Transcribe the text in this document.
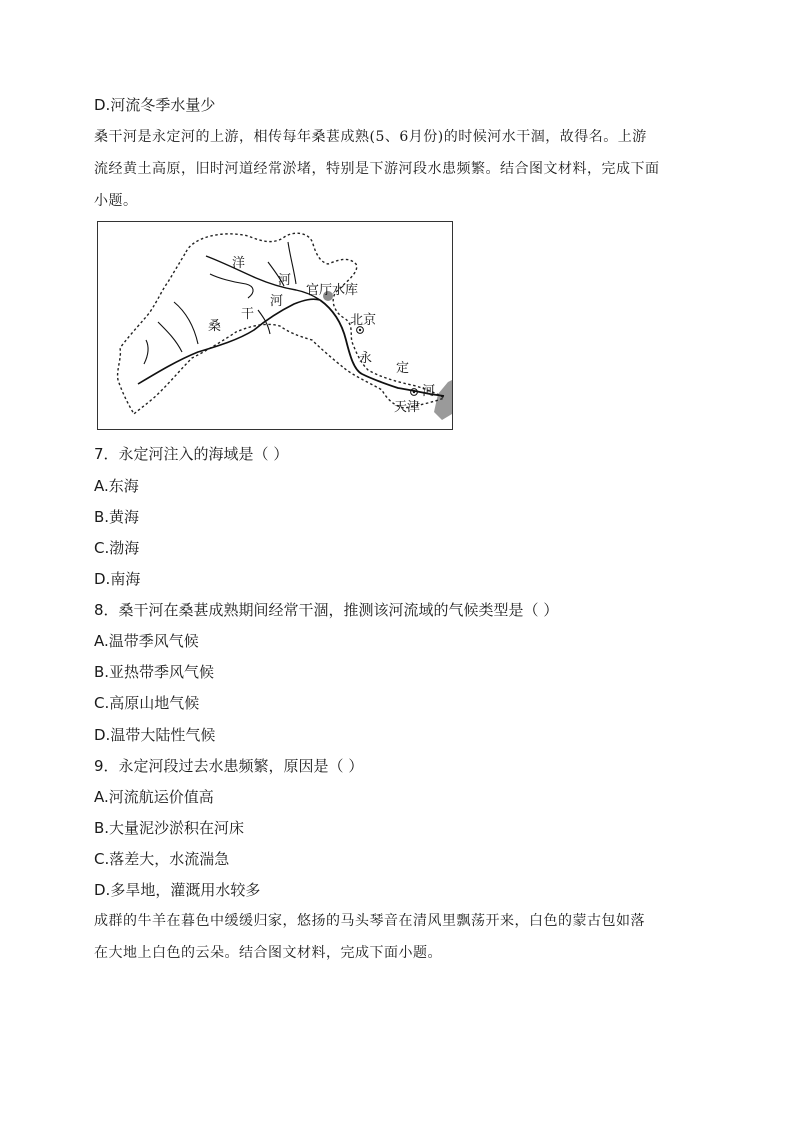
D.河流冬季水量少
桑干河是永定河的上游，相传每年桑葚成熟(5、6月份)的时候河水干涸，故得名。上游
流经黄土高原，旧时河道经常淤堵，特别是下游河段水患频繁。结合图文材料，完成下面
小题。
洋
河
河
干
桑
官厅水库
北京
永
定
河
天津
7．永定河注入的海域是（ ）
A.东海
B.黄海
C.渤海
D.南海
8．桑干河在桑葚成熟期间经常干涸，推测该河流域的气候类型是（ ）
A.温带季风气候
B.亚热带季风气候
C.高原山地气候
D.温带大陆性气候
9．永定河段过去水患频繁，原因是（ ）
A.河流航运价值高
B.大量泥沙淤积在河床
C.落差大，水流湍急
D.多旱地，灌溉用水较多
成群的牛羊在暮色中缓缓归家，悠扬的马头琴音在清风里飘荡开来，白色的蒙古包如落
在大地上白色的云朵。结合图文材料，完成下面小题。
